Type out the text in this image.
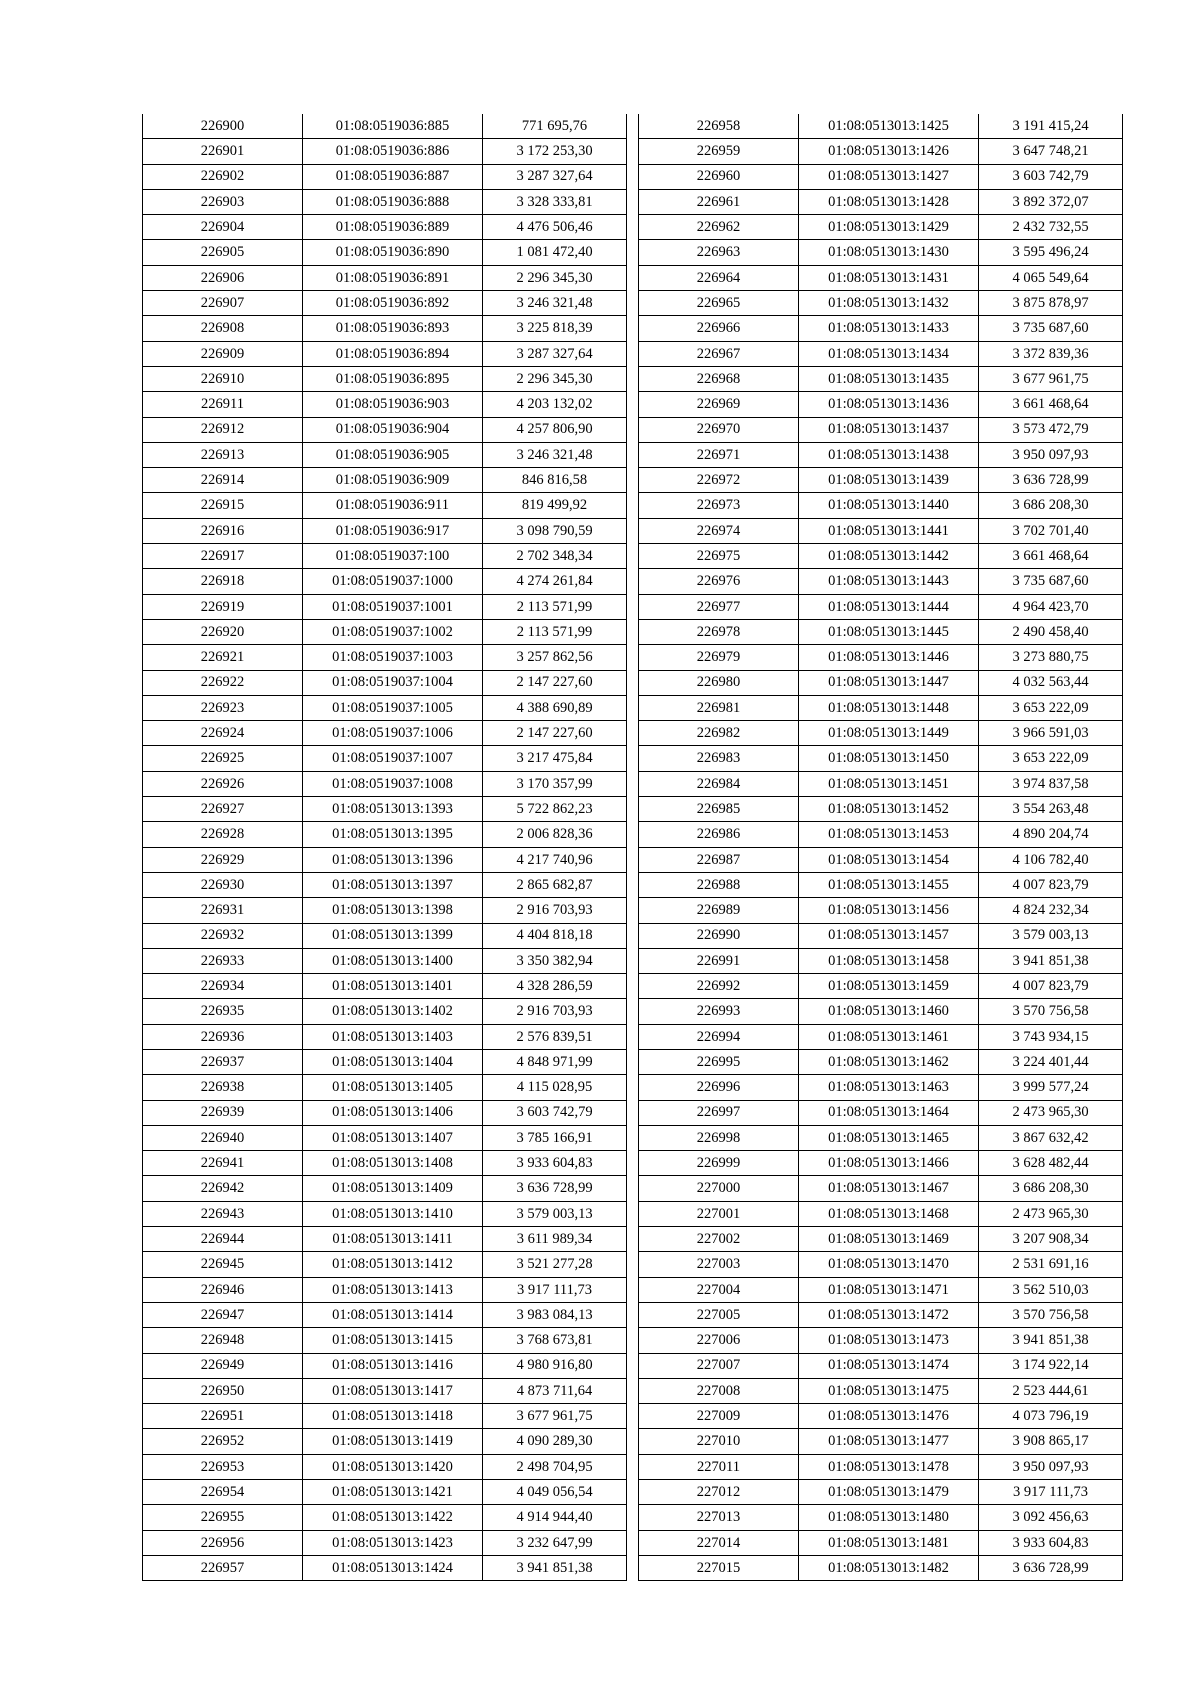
226900	01:08:0519036:885	771 695,76
226901	01:08:0519036:886	3 172 253,30
226902	01:08:0519036:887	3 287 327,64
226903	01:08:0519036:888	3 328 333,81
226904	01:08:0519036:889	4 476 506,46
226905	01:08:0519036:890	1 081 472,40
226906	01:08:0519036:891	2 296 345,30
226907	01:08:0519036:892	3 246 321,48
226908	01:08:0519036:893	3 225 818,39
226909	01:08:0519036:894	3 287 327,64
226910	01:08:0519036:895	2 296 345,30
226911	01:08:0519036:903	4 203 132,02
226912	01:08:0519036:904	4 257 806,90
226913	01:08:0519036:905	3 246 321,48
226914	01:08:0519036:909	846 816,58
226915	01:08:0519036:911	819 499,92
226916	01:08:0519036:917	3 098 790,59
226917	01:08:0519037:100	2 702 348,34
226918	01:08:0519037:1000	4 274 261,84
226919	01:08:0519037:1001	2 113 571,99
226920	01:08:0519037:1002	2 113 571,99
226921	01:08:0519037:1003	3 257 862,56
226922	01:08:0519037:1004	2 147 227,60
226923	01:08:0519037:1005	4 388 690,89
226924	01:08:0519037:1006	2 147 227,60
226925	01:08:0519037:1007	3 217 475,84
226926	01:08:0519037:1008	3 170 357,99
226927	01:08:0513013:1393	5 722 862,23
226928	01:08:0513013:1395	2 006 828,36
226929	01:08:0513013:1396	4 217 740,96
226930	01:08:0513013:1397	2 865 682,87
226931	01:08:0513013:1398	2 916 703,93
226932	01:08:0513013:1399	4 404 818,18
226933	01:08:0513013:1400	3 350 382,94
226934	01:08:0513013:1401	4 328 286,59
226935	01:08:0513013:1402	2 916 703,93
226936	01:08:0513013:1403	2 576 839,51
226937	01:08:0513013:1404	4 848 971,99
226938	01:08:0513013:1405	4 115 028,95
226939	01:08:0513013:1406	3 603 742,79
226940	01:08:0513013:1407	3 785 166,91
226941	01:08:0513013:1408	3 933 604,83
226942	01:08:0513013:1409	3 636 728,99
226943	01:08:0513013:1410	3 579 003,13
226944	01:08:0513013:1411	3 611 989,34
226945	01:08:0513013:1412	3 521 277,28
226946	01:08:0513013:1413	3 917 111,73
226947	01:08:0513013:1414	3 983 084,13
226948	01:08:0513013:1415	3 768 673,81
226949	01:08:0513013:1416	4 980 916,80
226950	01:08:0513013:1417	4 873 711,64
226951	01:08:0513013:1418	3 677 961,75
226952	01:08:0513013:1419	4 090 289,30
226953	01:08:0513013:1420	2 498 704,95
226954	01:08:0513013:1421	4 049 056,54
226955	01:08:0513013:1422	4 914 944,40
226956	01:08:0513013:1423	3 232 647,99
226957	01:08:0513013:1424	3 941 851,38
226958	01:08:0513013:1425	3 191 415,24
226959	01:08:0513013:1426	3 647 748,21
226960	01:08:0513013:1427	3 603 742,79
226961	01:08:0513013:1428	3 892 372,07
226962	01:08:0513013:1429	2 432 732,55
226963	01:08:0513013:1430	3 595 496,24
226964	01:08:0513013:1431	4 065 549,64
226965	01:08:0513013:1432	3 875 878,97
226966	01:08:0513013:1433	3 735 687,60
226967	01:08:0513013:1434	3 372 839,36
226968	01:08:0513013:1435	3 677 961,75
226969	01:08:0513013:1436	3 661 468,64
226970	01:08:0513013:1437	3 573 472,79
226971	01:08:0513013:1438	3 950 097,93
226972	01:08:0513013:1439	3 636 728,99
226973	01:08:0513013:1440	3 686 208,30
226974	01:08:0513013:1441	3 702 701,40
226975	01:08:0513013:1442	3 661 468,64
226976	01:08:0513013:1443	3 735 687,60
226977	01:08:0513013:1444	4 964 423,70
226978	01:08:0513013:1445	2 490 458,40
226979	01:08:0513013:1446	3 273 880,75
226980	01:08:0513013:1447	4 032 563,44
226981	01:08:0513013:1448	3 653 222,09
226982	01:08:0513013:1449	3 966 591,03
226983	01:08:0513013:1450	3 653 222,09
226984	01:08:0513013:1451	3 974 837,58
226985	01:08:0513013:1452	3 554 263,48
226986	01:08:0513013:1453	4 890 204,74
226987	01:08:0513013:1454	4 106 782,40
226988	01:08:0513013:1455	4 007 823,79
226989	01:08:0513013:1456	4 824 232,34
226990	01:08:0513013:1457	3 579 003,13
226991	01:08:0513013:1458	3 941 851,38
226992	01:08:0513013:1459	4 007 823,79
226993	01:08:0513013:1460	3 570 756,58
226994	01:08:0513013:1461	3 743 934,15
226995	01:08:0513013:1462	3 224 401,44
226996	01:08:0513013:1463	3 999 577,24
226997	01:08:0513013:1464	2 473 965,30
226998	01:08:0513013:1465	3 867 632,42
226999	01:08:0513013:1466	3 628 482,44
227000	01:08:0513013:1467	3 686 208,30
227001	01:08:0513013:1468	2 473 965,30
227002	01:08:0513013:1469	3 207 908,34
227003	01:08:0513013:1470	2 531 691,16
227004	01:08:0513013:1471	3 562 510,03
227005	01:08:0513013:1472	3 570 756,58
227006	01:08:0513013:1473	3 941 851,38
227007	01:08:0513013:1474	3 174 922,14
227008	01:08:0513013:1475	2 523 444,61
227009	01:08:0513013:1476	4 073 796,19
227010	01:08:0513013:1477	3 908 865,17
227011	01:08:0513013:1478	3 950 097,93
227012	01:08:0513013:1479	3 917 111,73
227013	01:08:0513013:1480	3 092 456,63
227014	01:08:0513013:1481	3 933 604,83
227015	01:08:0513013:1482	3 636 728,99
